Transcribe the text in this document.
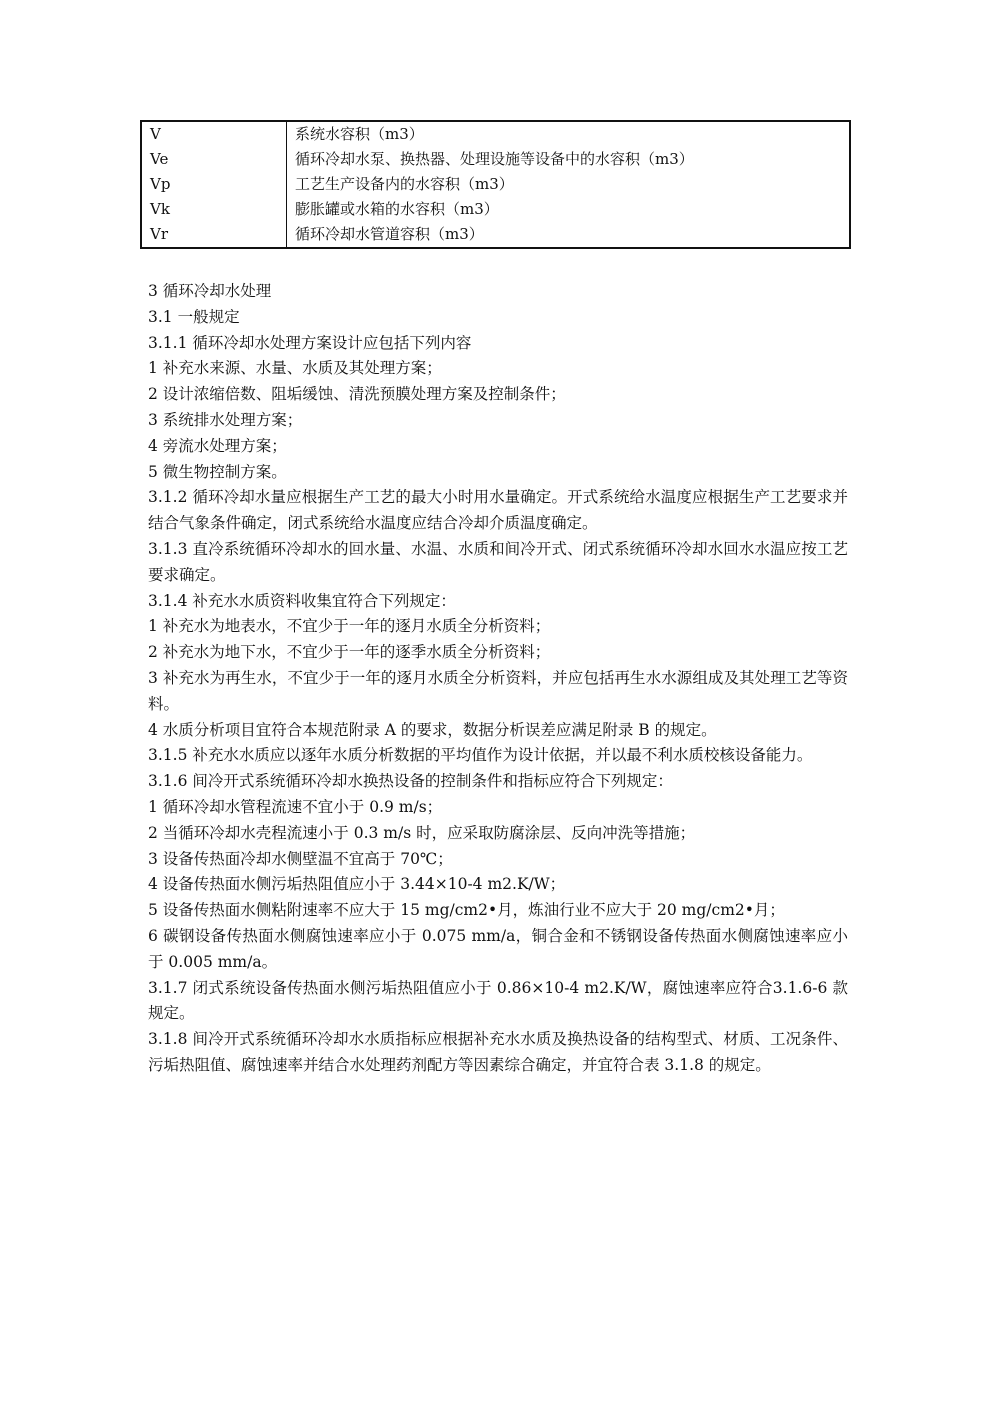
V	系统水容积（m3）
Ve	循环冷却水泵、换热器、处理设施等设备中的水容积（m3）
Vp	工艺生产设备内的水容积（m3）
Vk	膨胀罐或水箱的水容积（m3）
Vr	循环冷却水管道容积（m3）
3 循环冷却水处理
3.1 一般规定
3.1.1 循环冷却水处理方案设计应包括下列内容
1 补充水来源、水量、水质及其处理方案；
2 设计浓缩倍数、阻垢缓蚀、清洗预膜处理方案及控制条件；
3 系统排水处理方案；
4 旁流水处理方案；
5 微生物控制方案。
3.1.2 循环冷却水量应根据生产工艺的最大小时用水量确定。开式系统给水温度应根据生产工艺要求并结合气象条件确定，闭式系统给水温度应结合冷却介质温度确定。
3.1.3 直冷系统循环冷却水的回水量、水温、水质和间冷开式、闭式系统循环冷却水回水水温应按工艺要求确定。
3.1.4 补充水水质资料收集宜符合下列规定：
1 补充水为地表水，不宜少于一年的逐月水质全分析资料；
2 补充水为地下水，不宜少于一年的逐季水质全分析资料；
3 补充水为再生水，不宜少于一年的逐月水质全分析资料，并应包括再生水水源组成及其处理工艺等资料。
4 水质分析项目宜符合本规范附录 A 的要求，数据分析误差应满足附录 B 的规定。
3.1.5 补充水水质应以逐年水质分析数据的平均值作为设计依据，并以最不利水质校核设备能力。
3.1.6 间冷开式系统循环冷却水换热设备的控制条件和指标应符合下列规定：
1 循环冷却水管程流速不宜小于 0.9 m/s；
2 当循环冷却水壳程流速小于 0.3 m/s 时，应采取防腐涂层、反向冲洗等措施；
3 设备传热面冷却水侧壁温不宜高于 70℃；
4 设备传热面水侧污垢热阻值应小于 3.44×10-4 m2.K/W；
5 设备传热面水侧粘附速率不应大于 15 mg/cm2•月，炼油行业不应大于 20 mg/cm2•月；
6 碳钢设备传热面水侧腐蚀速率应小于 0.075 mm/a，铜合金和不锈钢设备传热面水侧腐蚀速率应小于 0.005 mm/a。
3.1.7 闭式系统设备传热面水侧污垢热阻值应小于 0.86×10-4 m2.K/W，腐蚀速率应符合3.1.6-6 款规定。
3.1.8 间冷开式系统循环冷却水水质指标应根据补充水水质及换热设备的结构型式、材质、工况条件、污垢热阻值、腐蚀速率并结合水处理药剂配方等因素综合确定，并宜符合表 3.1.8 的规定。
